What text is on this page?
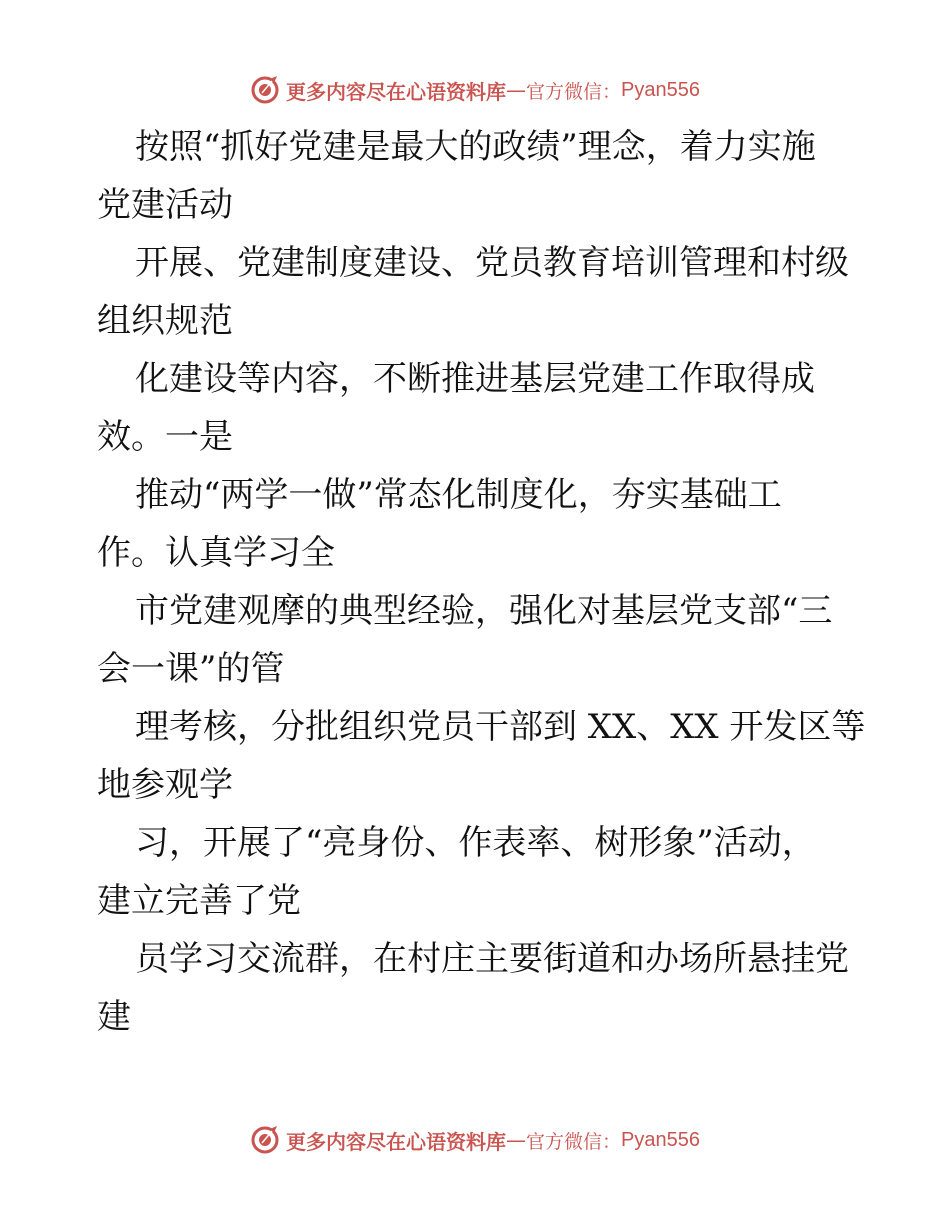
更多内容尽在心语资料库 — 官方微信： Pyan556
按照“抓好党建是最大的政绩”理念，着力实施
党建活动
开展、党建制度建设、党员教育培训管理和村级
组织规范
化建设等内容，不断推进基层党建工作取得成
效。一是
推动“两学一做”常态化制度化，夯实基础工
作。认真学习全
市党建观摩的典型经验，强化对基层党支部“三
会一课”的管
理考核，分批组织党员干部到 XX、XX 开发区等
地参观学
习，开展了“亮身份、作表率、树形象”活动，
建立完善了党
员学习交流群，在村庄主要街道和办场所悬挂党
建
更多内容尽在心语资料库 — 官方微信： Pyan556
